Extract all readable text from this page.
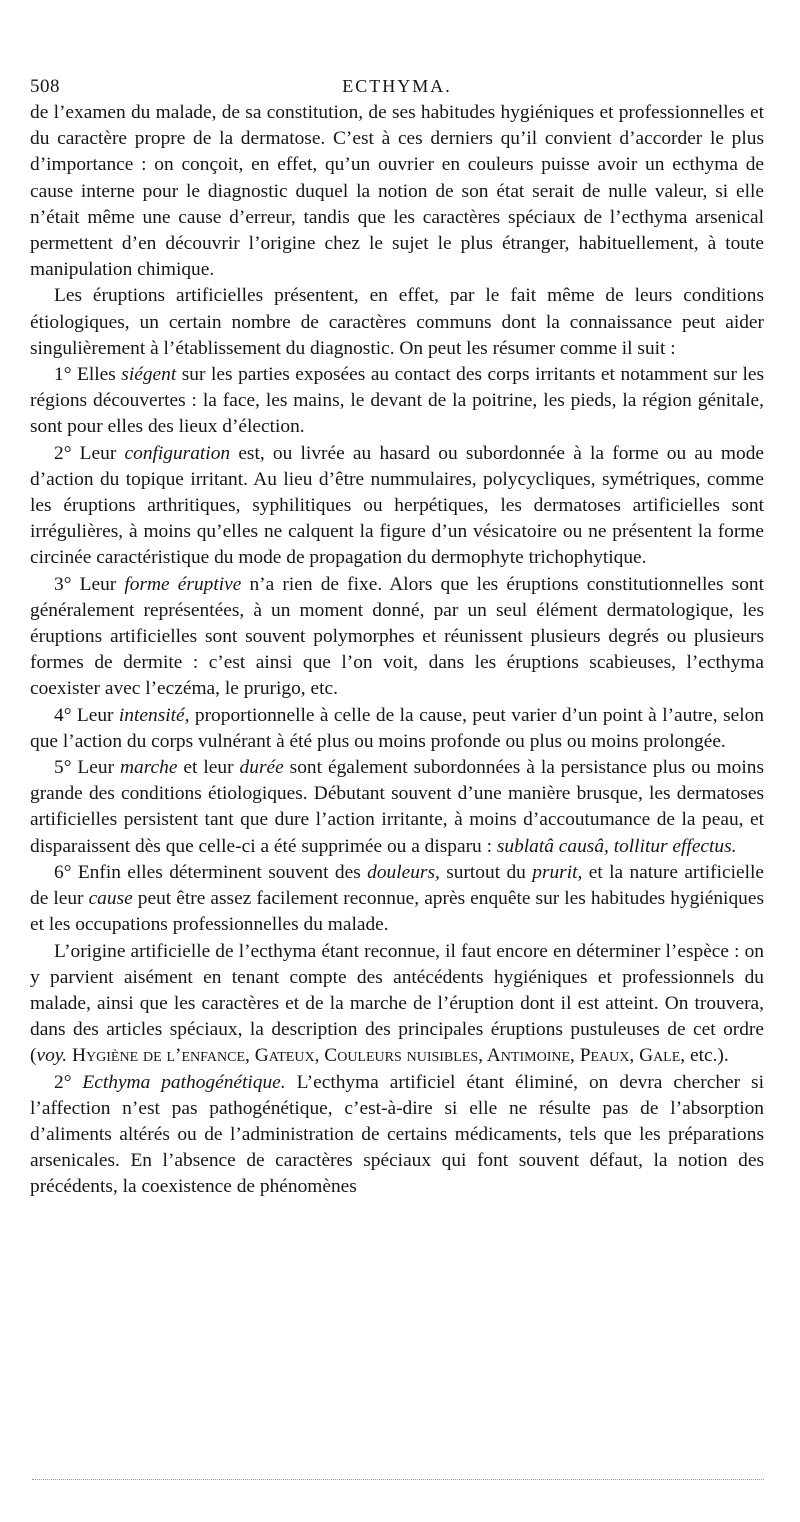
508	ECTHYMA.

de l’examen du malade, de sa constitution, de ses habitudes hygiéniques et professionnelles et du caractère propre de la dermatose. C’est à ces derniers qu’il convient d’accorder le plus d’importance : on conçoit, en effet, qu’un ouvrier en couleurs puisse avoir un ecthyma de cause interne pour le diagnostic duquel la notion de son état serait de nulle valeur, si elle n’était même une cause d’erreur, tandis que les caractères spéciaux de l’ecthyma arsenical permettent d’en découvrir l’origine chez le sujet le plus étranger, habituellement, à toute manipulation chimique.

Les éruptions artificielles présentent, en effet, par le fait même de leurs conditions étiologiques, un certain nombre de caractères communs dont la connaissance peut aider singulièrement à l’établissement du diagnostic. On peut les résumer comme il suit :

1° Elles siégent sur les parties exposées au contact des corps irritants et notamment sur les régions découvertes : la face, les mains, le devant de la poitrine, les pieds, la région génitale, sont pour elles des lieux d’élection.

2° Leur configuration est, ou livrée au hasard ou subordonnée à la forme ou au mode d’action du topique irritant. Au lieu d’être nummulaires, polycycliques, symétriques, comme les éruptions arthritiques, syphilitiques ou herpétiques, les dermatoses artificielles sont irrégulières, à moins qu’elles ne calquent la figure d’un vésicatoire ou ne présentent la forme circinée caractéristique du mode de propagation du dermophyte trichophytique.

3° Leur forme éruptive n’a rien de fixe. Alors que les éruptions constitutionnelles sont généralement représentées, à un moment donné, par un seul élément dermatologique, les éruptions artificielles sont souvent polymorphes et réunissent plusieurs degrés ou plusieurs formes de dermite : c’est ainsi que l’on voit, dans les éruptions scabieuses, l’ecthyma coexister avec l’eczéma, le prurigo, etc.

4° Leur intensité, proportionnelle à celle de la cause, peut varier d’un point à l’autre, selon que l’action du corps vulnérant à été plus ou moins profonde ou plus ou moins prolongée.

5° Leur marche et leur durée sont également subordonnées à la persistance plus ou moins grande des conditions étiologiques. Débutant souvent d’une manière brusque, les dermatoses artificielles persistent tant que dure l’action irritante, à moins d’accoutumance de la peau, et disparaissent dès que celle-ci a été supprimée ou a disparu : sublatâ causâ, tollitur effectus.

6° Enfin elles déterminent souvent des douleurs, surtout du prurit, et la nature artificielle de leur cause peut être assez facilement reconnue, après enquête sur les habitudes hygiéniques et les occupations professionnelles du malade.

L’origine artificielle de l’ecthyma étant reconnue, il faut encore en déterminer l’espèce : on y parvient aisément en tenant compte des antécédents hygiéniques et professionnels du malade, ainsi que les caractères et de la marche de l’éruption dont il est atteint. On trouvera, dans des articles spéciaux, la description des principales éruptions pustuleuses de cet ordre (voy. Hygiène de l’enfance, Gateux, Couleurs nuisibles, Antimoine, Peaux, Gale, etc.).

2° Ecthyma pathogénétique. L’ecthyma artificiel étant éliminé, on devra chercher si l’affection n’est pas pathogénétique, c’est-à-dire si elle ne résulte pas de l’absorption d’aliments altérés ou de l’administration de certains médicaments, tels que les préparations arsenicales. En l’absence de caractères spéciaux qui font souvent défaut, la notion des précédents, la coexistence de phénomènes
